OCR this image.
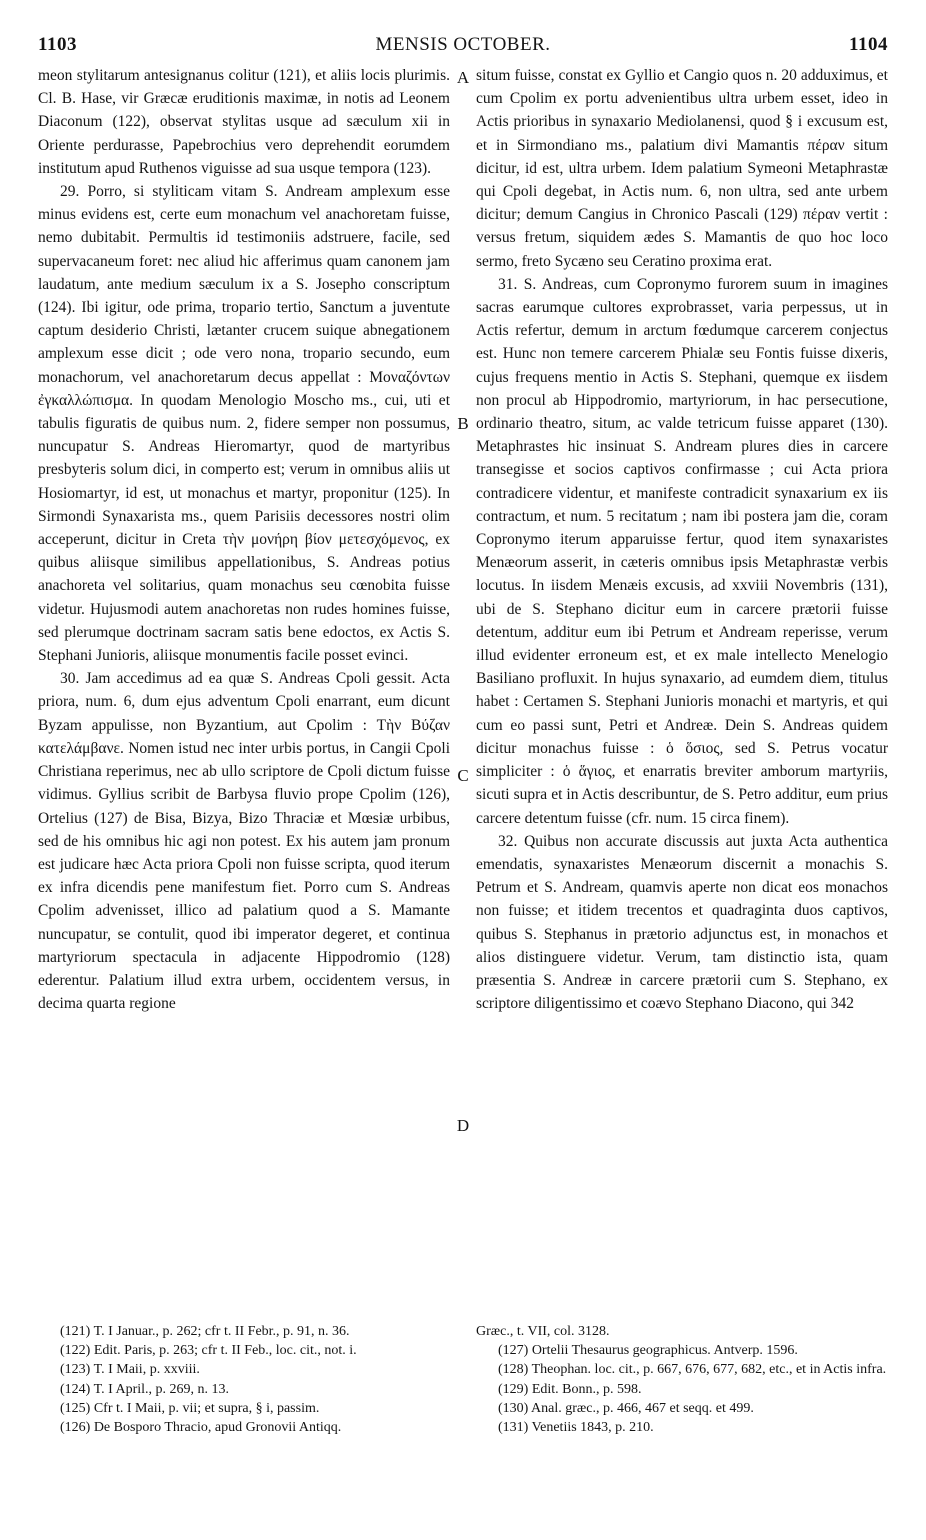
1103	MENSIS OCTOBER.	1104

meon stylitarum antesignanus colitur (121), et aliis locis plurimis. Cl. B. Hase, vir Græcæ eruditionis maximæ, in notis ad Leonem Diaconum (122), observat stylitas usque ad sæculum xii in Oriente perdurasse, Papebrochius vero deprehendit eorumdem institutum apud Ruthenos viguisse ad sua usque tempora (123).

29. Porro, si styliticam vitam S. Andream amplexum esse minus evidens est, certe eum monachum vel anachoretam fuisse, nemo dubitabit. Permultis id testimoniis adstruere, facile, sed supervacaneum foret: nec aliud hic afferimus quam canonem jam laudatum, ante medium sæculum ix a S. Josepho conscriptum (124). Ibi igitur, ode prima, tropario tertio, Sanctum a juventute captum desiderio Christi, lætanter crucem suique abnegationem amplexum esse dicit ; ode vero nona, tropario secundo, eum monachorum, vel anachoretarum decus appellat : Μοναζόντων ἐγκαλλώπισμα. In quodam Menologio Moscho ms., cui, uti et tabulis figuratis de quibus num. 2, fidere semper non possumus, nuncupatur S. Andreas Hieromartyr, quod de martyribus presbyteris solum dici, in comperto est; verum in omnibus aliis ut Hosiomartyr, id est, ut monachus et martyr, proponitur (125). In Sirmondi Synaxarista ms., quem Parisiis decessores nostri olim acceperunt, dicitur in Creta τὴν μονήρη βίον μετεσχόμενος, ex quibus aliisque similibus appellationibus, S. Andreas potius anachoreta vel solitarius, quam monachus seu cœnobita fuisse videtur. Hujusmodi autem anachoretas non rudes homines fuisse, sed plerumque doctrinam sacram satis bene edoctos, ex Actis S. Stephani Junioris, aliisque monumentis facile posset evinci.

30. Jam accedimus ad ea quæ S. Andreas Cpoli gessit. Acta priora, num. 6, dum ejus adventum Cpoli enarrant, eum dicunt Byzam appulisse, non Byzantium, aut Cpolim : Τὴν Βύζαν κατελάμβανε. Nomen istud nec inter urbis portus, in Cangii Cpoli Christiana reperimus, nec ab ullo scriptore de Cpoli dictum fuisse vidimus. Gyllius scribit de Barbysa fluvio prope Cpolim (126), Ortelius (127) de Bisa, Bizya, Bizo Thraciæ et Mœsiæ urbibus, sed de his omnibus hic agi non potest. Ex his autem jam pronum est judicare hæc Acta priora Cpoli non fuisse scripta, quod iterum ex infra dicendis pene manifestum fiet. Porro cum S. Andreas Cpolim advenisset, illico ad palatium quod a S. Mamante nuncupatur, se contulit, quod ibi imperator degeret, et continua martyriorum spectacula in adjacente Hippodromio (128) ederentur. Palatium illud extra urbem, occidentem versus, in decima quarta regione

A
B
C
D

situm fuisse, constat ex Gyllio et Cangio quos n. 20 adduximus, et cum Cpolim ex portu advenientibus ultra urbem esset, ideo in Actis prioribus in synaxario Mediolanensi, quod § i excusum est, et in Sirmondiano ms., palatium divi Mamantis πέραν situm dicitur, id est, ultra urbem. Idem palatium Symeoni Metaphrastæ qui Cpoli degebat, in Actis num. 6, non ultra, sed ante urbem dicitur; demum Cangius in Chronico Pascali (129) πέραν vertit : versus fretum, siquidem ædes S. Mamantis de quo hoc loco sermo, freto Sycæno seu Ceratino proxima erat.

31. S. Andreas, cum Copronymo furorem suum in imagines sacras earumque cultores exprobrasset, varia perpessus, ut in Actis refertur, demum in arctum fœdumque carcerem conjectus est. Hunc non temere carcerem Phialæ seu Fontis fuisse dixeris, cujus frequens mentio in Actis S. Stephani, quemque ex iisdem non procul ab Hippodromio, martyriorum, in hac persecutione, ordinario theatro, situm, ac valde tetricum fuisse apparet (130). Metaphrastes hic insinuat S. Andream plures dies in carcere transegisse et socios captivos confirmasse ; cui Acta priora contradicere videntur, et manifeste contradicit synaxarium ex iis contractum, et num. 5 recitatum ; nam ibi postera jam die, coram Copronymo iterum apparuisse fertur, quod item synaxaristes Menæorum asserit, in cæteris omnibus ipsis Metaphrastæ verbis locutus. In iisdem Menæis excusis, ad xxviii Novembris (131), ubi de S. Stephano dicitur eum in carcere prætorii fuisse detentum, additur eum ibi Petrum et Andream reperisse, verum illud evidenter erroneum est, et ex male intellecto Menelogio Basiliano profluxit. In hujus synaxario, ad eumdem diem, titulus habet : Certamen S. Stephani Junioris monachi et martyris, et qui cum eo passi sunt, Petri et Andreæ. Dein S. Andreas quidem dicitur monachus fuisse : ὁ ὅσιος, sed S. Petrus vocatur simpliciter : ὁ ἅγιος, et enarratis breviter amborum martyriis, sicuti supra et in Actis describuntur, de S. Petro additur, eum prius carcere detentum fuisse (cfr. num. 15 circa finem).

32. Quibus non accurate discussis aut juxta Acta authentica emendatis, synaxaristes Menæorum discernit a monachis S. Petrum et S. Andream, quamvis aperte non dicat eos monachos non fuisse; et itidem trecentos et quadraginta duos captivos, quibus S. Stephanus in prætorio adjunctus est, in monachos et alios distinguere videtur. Verum, tam distinctio ista, quam præsentia S. Andreæ in carcere prætorii cum S. Stephano, ex scriptore diligentissimo et coævo Stephano Diacono, qui 342

(121) T. I Januar., p. 262; cfr t. II Febr., p. 91, n. 36.
(122) Edit. Paris, p. 263; cfr t. II Feb., loc. cit., not. i.
(123) T. I Maii, p. xxviii.
(124) T. I April., p. 269, n. 13.
(125) Cfr t. I Maii, p. vii; et supra, § i, passim.
(126) De Bosporo Thracio, apud Gronovii Antiqq.
Græc., t. VII, col. 3128.
(127) Ortelii Thesaurus geographicus. Antverp. 1596.
(128) Theophan. loc. cit., p. 667, 676, 677, 682, etc., et in Actis infra.
(129) Edit. Bonn., p. 598.
(130) Anal. græc., p. 466, 467 et seqq. et 499.
(131) Venetiis 1843, p. 210.
